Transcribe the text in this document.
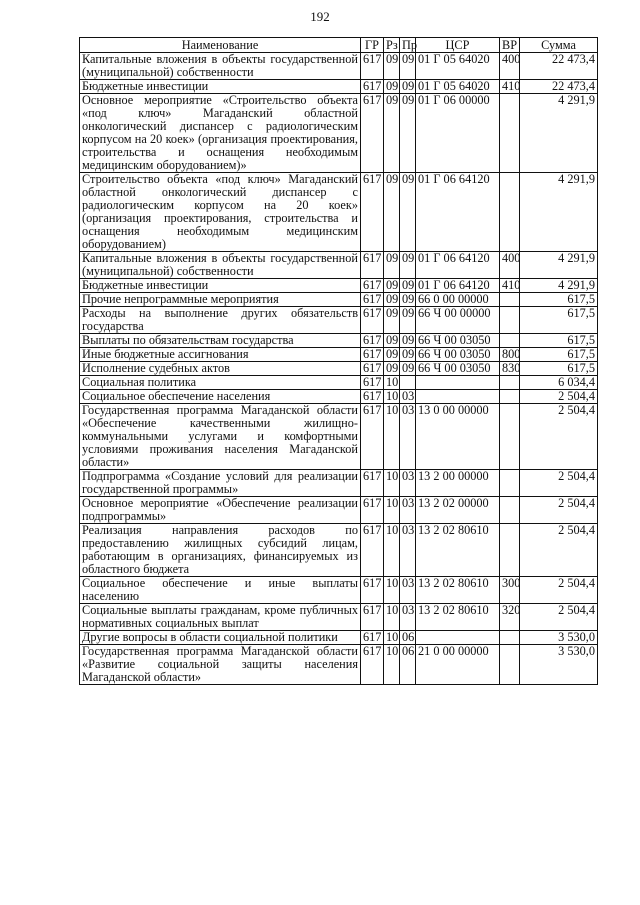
192
Наименование	ГР	Рз	Пр	ЦСР	ВР	Сумма
Капитальные вложения в объекты государственной (муниципальной) собственности	617	09	09	01 Г 05 64020	400	22 473,4
Бюджетные инвестиции	617	09	09	01 Г 05 64020	410	22 473,4
Основное мероприятие «Строительство объекта «под ключ» Магаданский областной онкологический диспансер с радиологическим корпусом на 20 коек» (организация проектирования, строительства и оснащения необходимым медицинским оборудованием)»	617	09	09	01 Г 06 00000		4 291,9
Строительство объекта «под ключ» Магаданский областной онкологический диспансер с радиологическим корпусом на 20 коек» (организация проектирования, строительства и оснащения необходимым медицинским оборудованием)	617	09	09	01 Г 06 64120		4 291,9
Капитальные вложения в объекты государственной (муниципальной) собственности	617	09	09	01 Г 06 64120	400	4 291,9
Бюджетные инвестиции	617	09	09	01 Г 06 64120	410	4 291,9
Прочие непрограммные мероприятия	617	09	09	66 0 00 00000		617,5
Расходы на выполнение других обязательств государства	617	09	09	66 Ч 00 00000		617,5
Выплаты по обязательствам государства	617	09	09	66 Ч 00 03050		617,5
Иные бюджетные ассигнования	617	09	09	66 Ч 00 03050	800	617,5
Исполнение судебных актов	617	09	09	66 Ч 00 03050	830	617,5
Социальная политика	617	10				6 034,4
Социальное обеспечение населения	617	10	03			2 504,4
Государственная программа Магаданской области «Обеспечение качественными жилищно-коммунальными услугами и комфортными условиями проживания населения Магаданской области»	617	10	03	13 0 00 00000		2 504,4
Подпрограмма «Создание условий для реализации государственной программы»	617	10	03	13 2 00 00000		2 504,4
Основное мероприятие «Обеспечение реализации подпрограммы»	617	10	03	13 2 02 00000		2 504,4
Реализация направления расходов по предоставлению жилищных субсидий лицам, работающим в организациях, финансируемых из областного бюджета	617	10	03	13 2 02 80610		2 504,4
Социальное обеспечение и иные выплаты населению	617	10	03	13 2 02 80610	300	2 504,4
Социальные выплаты гражданам, кроме публичных нормативных социальных выплат	617	10	03	13 2 02 80610	320	2 504,4
Другие вопросы в области социальной политики	617	10	06			3 530,0
Государственная программа Магаданской области «Развитие социальной защиты населения Магаданской области»	617	10	06	21 0 00 00000		3 530,0
